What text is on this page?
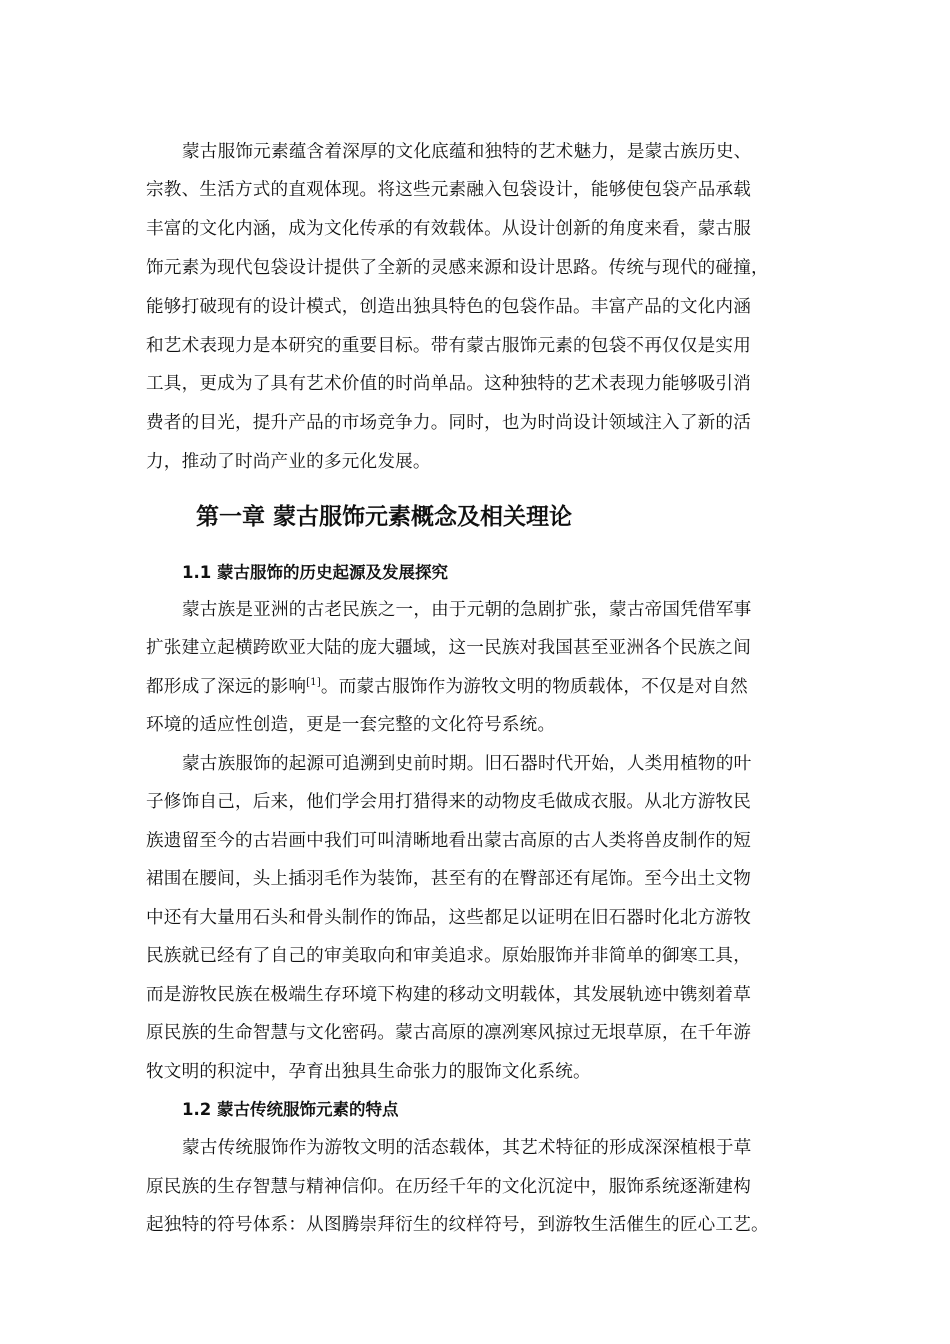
蒙古服饰元素蕴含着深厚的文化底蕴和独特的艺术魅力，是蒙古族历史、
宗教、生活方式的直观体现。将这些元素融入包袋设计，能够使包袋产品承载
丰富的文化内涵，成为文化传承的有效载体。从设计创新的角度来看，蒙古服
饰元素为现代包袋设计提供了全新的灵感来源和设计思路。传统与现代的碰撞，
能够打破现有的设计模式，创造出独具特色的包袋作品。丰富产品的文化内涵
和艺术表现力是本研究的重要目标。带有蒙古服饰元素的包袋不再仅仅是实用
工具，更成为了具有艺术价值的时尚单品。这种独特的艺术表现力能够吸引消
费者的目光，提升产品的市场竞争力。同时，也为时尚设计领域注入了新的活
力，推动了时尚产业的多元化发展。
第一章 蒙古服饰元素概念及相关理论
1.1 蒙古服饰的历史起源及发展探究
蒙古族是亚洲的古老民族之一，由于元朝的急剧扩张，蒙古帝国凭借军事
扩张建立起横跨欧亚大陆的庞大疆域，这一民族对我国甚至亚洲各个民族之间
都形成了深远的影响[1]。而蒙古服饰作为游牧文明的物质载体，不仅是对自然
环境的适应性创造，更是一套完整的文化符号系统。
蒙古族服饰的起源可追溯到史前时期。旧石器时代开始，人类用植物的叶
子修饰自己，后来，他们学会用打猎得来的动物皮毛做成衣服。从北方游牧民
族遗留至今的古岩画中我们可叫清晰地看出蒙古高原的古人类将兽皮制作的短
裙围在腰间，头上插羽毛作为装饰，甚至有的在臀部还有尾饰。至今出土文物
中还有大量用石头和骨头制作的饰品，这些都足以证明在旧石器时化北方游牧
民族就已经有了自己的审美取向和审美追求。原始服饰并非简单的御寒工具，
而是游牧民族在极端生存环境下构建的移动文明载体，其发展轨迹中镌刻着草
原民族的生命智慧与文化密码。蒙古高原的凛冽寒风掠过无垠草原，在千年游
牧文明的积淀中，孕育出独具生命张力的服饰文化系统。
1.2 蒙古传统服饰元素的特点
蒙古传统服饰作为游牧文明的活态载体，其艺术特征的形成深深植根于草
原民族的生存智慧与精神信仰。在历经千年的文化沉淀中，服饰系统逐渐建构
起独特的符号体系：从图腾崇拜衍生的纹样符号，到游牧生活催生的匠心工艺。
